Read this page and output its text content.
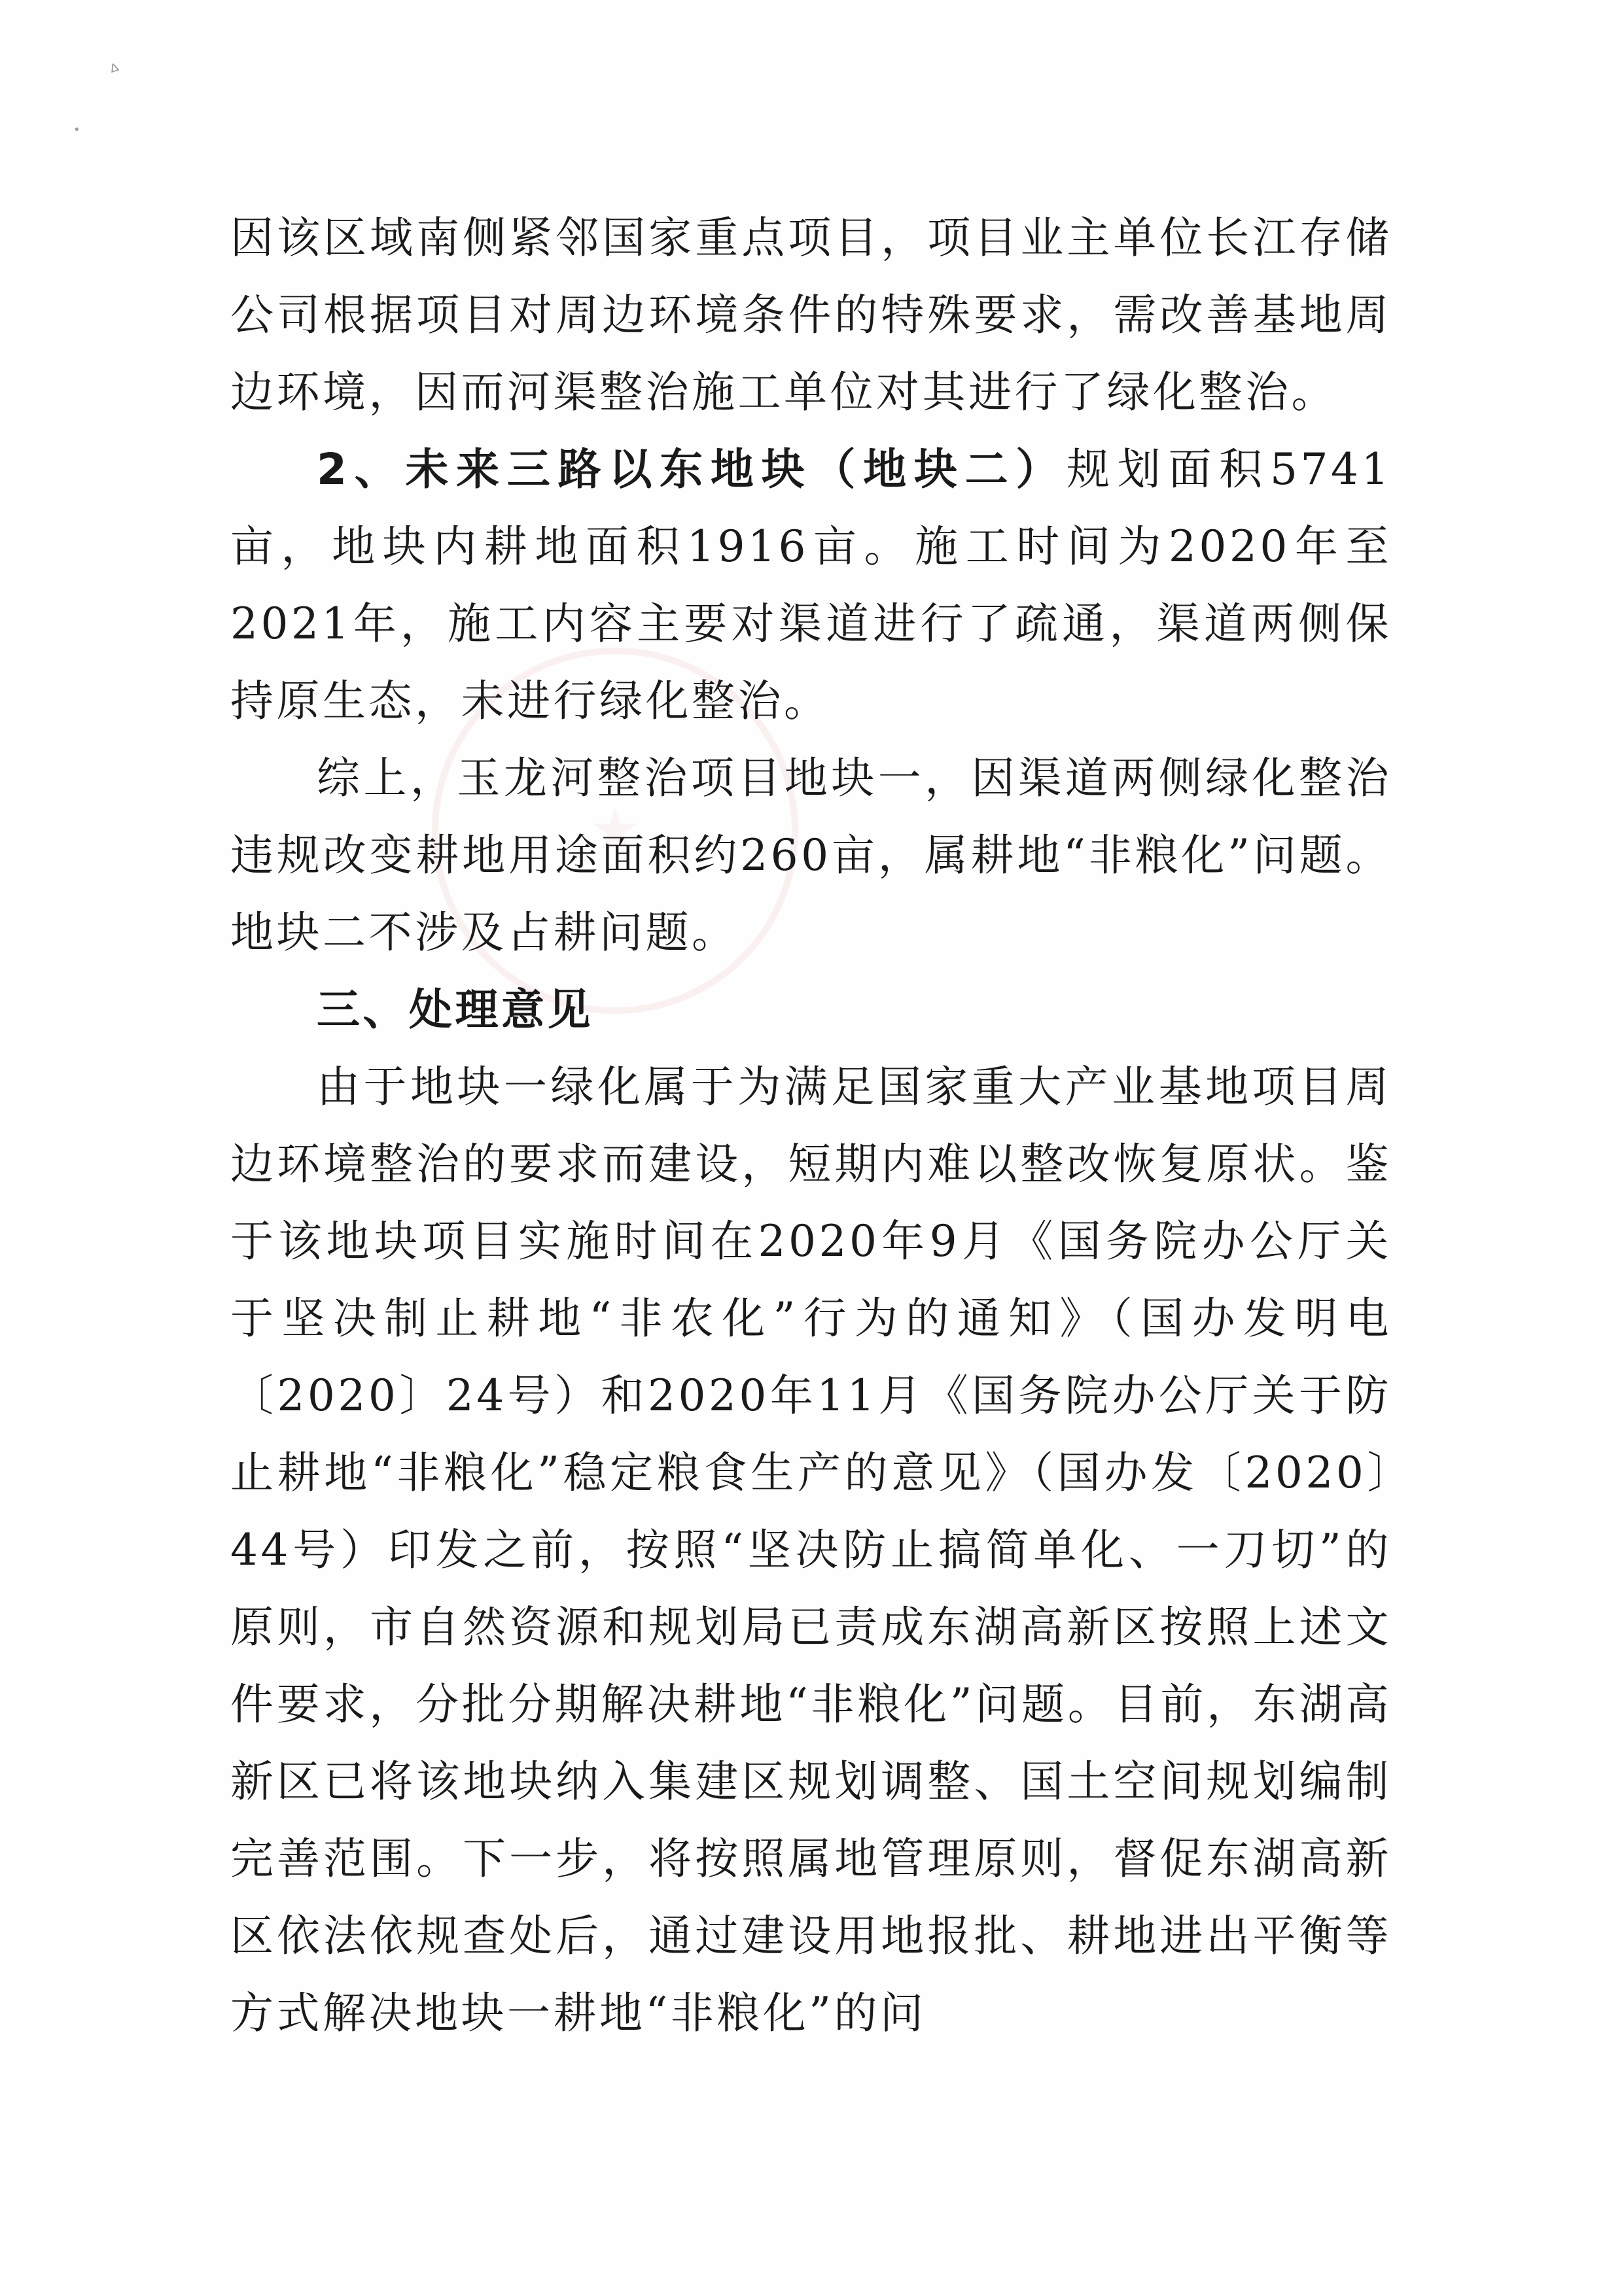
ᐞ
•

因该区域南侧紧邻国家重点项目，项目业主单位长江存储公司根据项目对周边环境条件的特殊要求，需改善基地周边环境，因而河渠整治施工单位对其进行了绿化整治。

2、未来三路以东地块（地块二）规划面积5741亩，地块内耕地面积1916亩。施工时间为2020年至2021年，施工内容主要对渠道进行了疏通，渠道两侧保持原生态，未进行绿化整治。

综上，玉龙河整治项目地块一，因渠道两侧绿化整治违规改变耕地用途面积约260亩，属耕地“非粮化”问题。地块二不涉及占耕问题。

三、处理意见

由于地块一绿化属于为满足国家重大产业基地项目周边环境整治的要求而建设，短期内难以整改恢复原状。鉴于该地块项目实施时间在2020年9月《国务院办公厅关于坚决制止耕地“非农化”行为的通知》（国办发明电〔2020〕24号）和2020年11月《国务院办公厅关于防止耕地“非粮化”稳定粮食生产的意见》（国办发〔2020〕44号）印发之前，按照“坚决防止搞简单化、一刀切”的原则，市自然资源和规划局已责成东湖高新区按照上述文件要求，分批分期解决耕地“非粮化”问题。目前，东湖高新区已将该地块纳入集建区规划调整、国土空间规划编制完善范围。下一步，将按照属地管理原则，督促东湖高新区依法依规查处后，通过建设用地报批、耕地进出平衡等方式解决地块一耕地“非粮化”的问
